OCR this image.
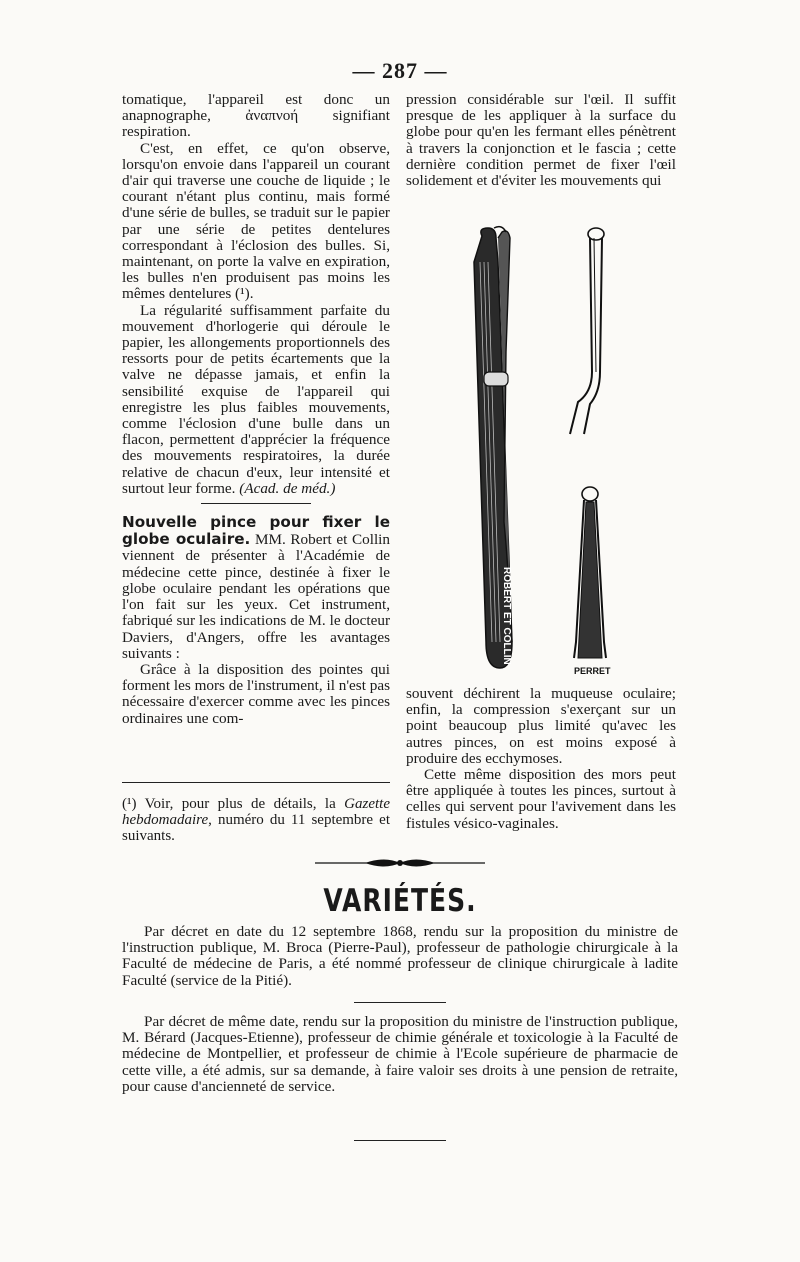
— 287 —

tomatique, l'appareil est donc un anapnographe, ἀναπνοή signifiant respiration.

C'est, en effet, ce qu'on observe, lorsqu'on envoie dans l'appareil un courant d'air qui traverse une couche de liquide ; le courant n'étant plus continu, mais formé d'une série de bulles, se traduit sur le papier par une série de petites dentelures correspondant à l'éclosion des bulles. Si, maintenant, on porte la valve en expiration, les bulles n'en produisent pas moins les mêmes dentelures (¹).

La régularité suffisamment parfaite du mouvement d'horlogerie qui déroule le papier, les allongements proportionnels des ressorts pour de petits écartements que la valve ne dépasse jamais, et enfin la sensibilité exquise de l'appareil qui enregistre les plus faibles mouvements, comme l'éclosion d'une bulle dans un flacon, permettent d'apprécier la fréquence des mouvements respiratoires, la durée relative de chacun d'eux, leur intensité et surtout leur forme. (Acad. de méd.)

Nouvelle pince pour fixer le globe oculaire. MM. Robert et Collin viennent de présenter à l'Académie de médecine cette pince, destinée à fixer le globe oculaire pendant les opérations que l'on fait sur les yeux. Cet instrument, fabriqué sur les indications de M. le docteur Daviers, d'Angers, offre les avantages suivants :

Grâce à la disposition des pointes qui forment les mors de l'instrument, il n'est pas nécessaire d'exercer comme avec les pinces ordinaires une com-

(¹) Voir, pour plus de détails, la Gazette hebdomadaire, numéro du 11 septembre et suivants.

pression considérable sur l'œil. Il suffit presque de les appliquer à la surface du globe pour qu'en les fermant elles pénètrent à travers la conjonction et le fascia ; cette dernière condition permet de fixer l'œil solidement et d'éviter les mouvements qui

ROBERT ET COLLIN
PERRET

souvent déchirent la muqueuse oculaire; enfin, la compression s'exerçant sur un point beaucoup plus limité qu'avec les autres pinces, on est moins exposé à produire des ecchymoses.

Cette même disposition des mors peut être appliquée à toutes les pinces, surtout à celles qui servent pour l'avivement dans les fistules vésico-vaginales.

VARIÉTÉS.
Par décret en date du 12 septembre 1868, rendu sur la proposition du ministre de l'instruction publique, M. Broca (Pierre-Paul), professeur de pathologie chirurgicale à la Faculté de médecine de Paris, a été nommé professeur de clinique chirurgicale à ladite Faculté (service de la Pitié).
Par décret de même date, rendu sur la proposition du ministre de l'instruction publique, M. Bérard (Jacques-Etienne), professeur de chimie générale et toxicologie à la Faculté de médecine de Montpellier, et professeur de chimie à l'Ecole supérieure de pharmacie de cette ville, a été admis, sur sa demande, à faire valoir ses droits à une pension de retraite, pour cause d'ancienneté de service.
